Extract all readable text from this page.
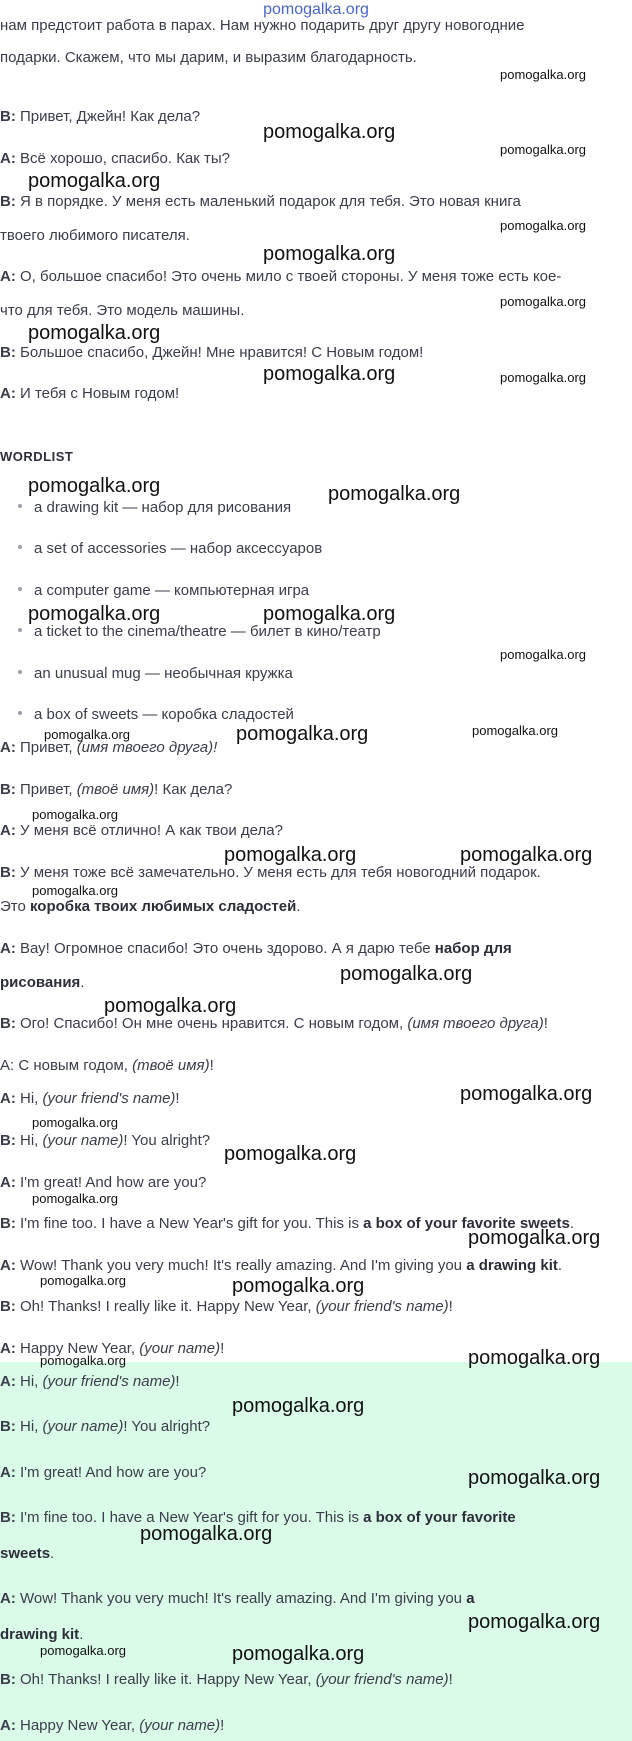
нам предстоит работа в парах. Нам нужно подарить друг другу новогодние
подарки. Скажем, что мы дарим, и выразим благодарность.
B: Привет, Джейн! Как дела?
A: Всё хорошо, спасибо. Как ты?
B: Я в порядке. У меня есть маленький подарок для тебя. Это новая книга
твоего любимого писателя.
A: О, большое спасибо! Это очень мило с твоей стороны. У меня тоже есть кое-
что для тебя. Это модель машины.
B: Большое спасибо, Джейн! Мне нравится! С Новым годом!
A: И тебя с Новым годом!
WORDLIST
a drawing kit — набор для рисования
a set of accessories — набор аксессуаров
a computer game — компьютерная игра
a ticket to the cinema/theatre — билет в кино/театр
an unusual mug — необычная кружка
a box of sweets — коробка сладостей
A: Привет, (имя твоего друга)!
B: Привет, (твоё имя)! Как дела?
A: У меня всё отлично! А как твои дела?
B: У меня тоже всё замечательно. У меня есть для тебя новогодний подарок.
Это коробка твоих любимых сладостей.
A: Вау! Огромное спасибо! Это очень здорово. А я дарю тебе набор для
рисования.
B: Ого! Спасибо! Он мне очень нравится. С новым годом, (имя твоего друга)!
A: С новым годом, (твоё имя)!
A: Hi, (your friend's name)!
B: Hi, (your name)! You alright?
A: I'm great! And how are you?
B: I'm fine too. I have a New Year's gift for you. This is a box of your favorite sweets.
A: Wow! Thank you very much! It's really amazing. And I'm giving you a drawing kit.
B: Oh! Thanks! I really like it. Happy New Year, (your friend's name)!
A: Happy New Year, (your name)!
A: Hi, (your friend's name)!
B: Hi, (your name)! You alright?
A: I'm great! And how are you?
B: I'm fine too. I have a New Year's gift for you. This is a box of your favorite
sweets.
A: Wow! Thank you very much! It's really amazing. And I'm giving you a
drawing kit.
B: Oh! Thanks! I really like it. Happy New Year, (your friend's name)!
A: Happy New Year, (your name)!
pomogalka.org
pomogalka.org
pomogalka.org
pomogalka.org
pomogalka.org
pomogalka.org
pomogalka.org
pomogalka.org
pomogalka.org
pomogalka.org	pomogalka.org
pomogalka.org	pomogalka.org
pomogalka.org	pomogalka.org
pomogalka.org
pomogalka.org	pomogalka.org	pomogalka.org
pomogalka.org
pomogalka.org	pomogalka.org
pomogalka.org
pomogalka.org
pomogalka.org
pomogalka.org
pomogalka.org
pomogalka.org
pomogalka.org
pomogalka.org
pomogalka.org	pomogalka.org
pomogalka.org
pomogalka.org
pomogalka.org
pomogalka.org
pomogalka.org
pomogalka.org
pomogalka.org	pomogalka.org
